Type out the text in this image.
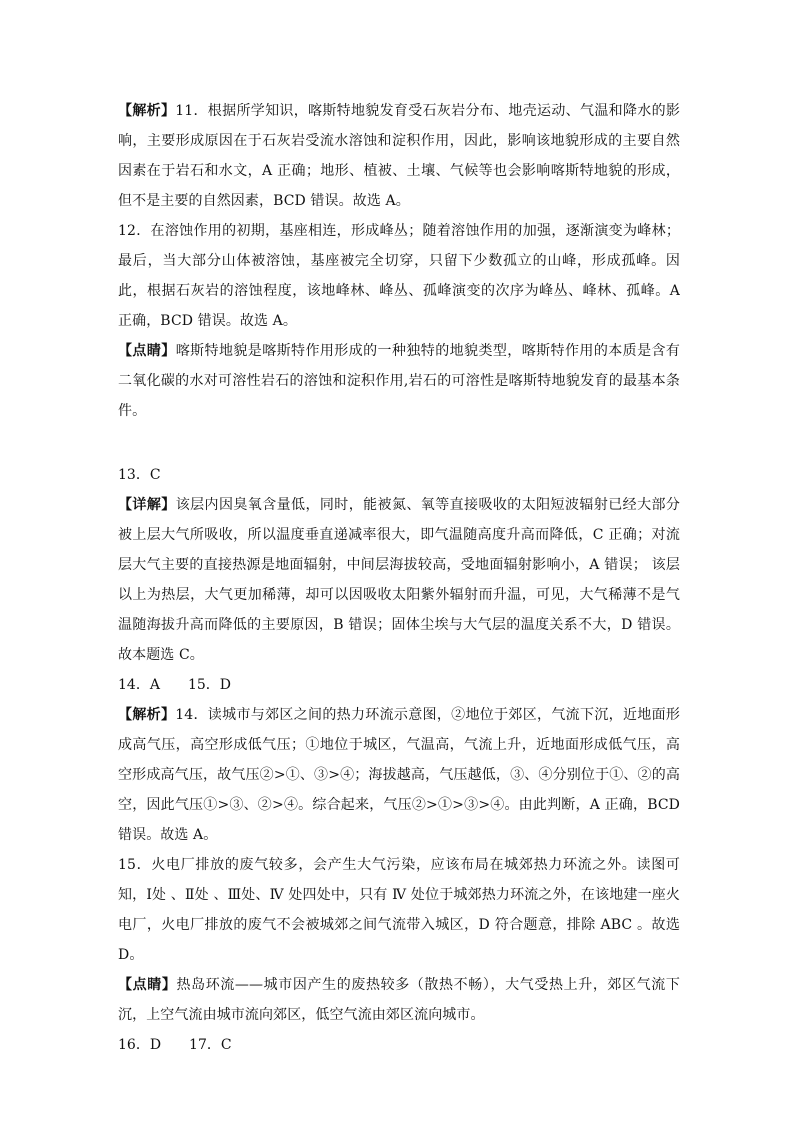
【解析】11．根据所学知识，喀斯特地貌发育受石灰岩分布、地壳运动、气温和降水的影响，主要形成原因在于石灰岩受流水溶蚀和淀积作用，因此，影响该地貌形成的主要自然因素在于岩石和水文，A 正确；地形、植被、土壤、气候等也会影响喀斯特地貌的形成，但不是主要的自然因素，BCD 错误。故选 A。

12．在溶蚀作用的初期，基座相连，形成峰丛；随着溶蚀作用的加强，逐渐演变为峰林；最后，当大部分山体被溶蚀，基座被完全切穿，只留下少数孤立的山峰，形成孤峰。因此，根据石灰岩的溶蚀程度，该地峰林、峰丛、孤峰演变的次序为峰丛、峰林、孤峰。A 正确，BCD 错误。故选 A。

【点睛】喀斯特地貌是喀斯特作用形成的一种独特的地貌类型，喀斯特作用的本质是含有二氧化碳的水对可溶性岩石的溶蚀和淀积作用,岩石的可溶性是喀斯特地貌发育的最基本条件。

13．C

【详解】该层内因臭氧含量低，同时，能被氮、氧等直接吸收的太阳短波辐射已经大部分被上层大气所吸收，所以温度垂直递减率很大，即气温随高度升高而降低，C 正确；对流层大气主要的直接热源是地面辐射，中间层海拔较高，受地面辐射影响小，A 错误； 该层以上为热层，大气更加稀薄，却可以因吸收太阳紫外辐射而升温，可见，大气稀薄不是气温随海拔升高而降低的主要原因，B 错误；固体尘埃与大气层的温度关系不大，D 错误。故本题选 C。

14．A 15．D

【解析】14．读城市与郊区之间的热力环流示意图，②地位于郊区，气流下沉，近地面形成高气压，高空形成低气压；①地位于城区，气温高，气流上升，近地面形成低气压，高空形成高气压，故气压②>①、③>④；海拔越高，气压越低，③、④分别位于①、②的高空，因此气压①>③、②>④。综合起来，气压②>①>③>④。由此判断，A 正确，BCD 错误。故选 A。

15．火电厂排放的废气较多，会产生大气污染，应该布局在城郊热力环流之外。读图可知，Ⅰ处 、Ⅱ处 、Ⅲ处、Ⅳ 处四处中，只有 Ⅳ 处位于城郊热力环流之外，在该地建一座火电厂，火电厂排放的废气不会被城郊之间气流带入城区，D 符合题意，排除 ABC 。故选 D。

【点睛】热岛环流——城市因产生的废热较多（散热不畅），大气受热上升，郊区气流下沉，上空气流由城市流向郊区，低空气流由郊区流向城市。

16．D 17．C
